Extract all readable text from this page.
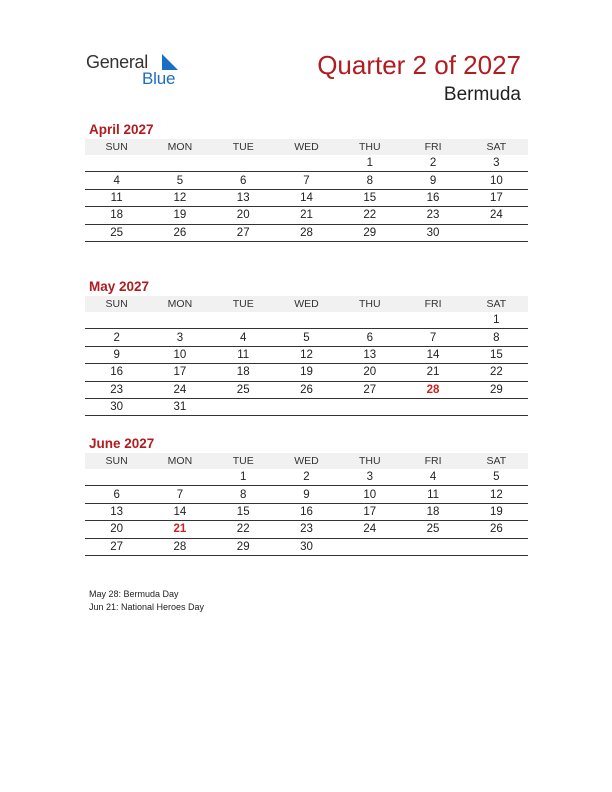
General
Blue	Quarter 2 of 2027
Bermuda
April 2027
SUN	MON	TUE	WED	THU	FRI	SAT
				1	2	3
4	5	6	7	8	9	10
11	12	13	14	15	16	17
18	19	20	21	22	23	24
25	26	27	28	29	30	
May 2027
SUN	MON	TUE	WED	THU	FRI	SAT
						1
2	3	4	5	6	7	8
9	10	11	12	13	14	15
16	17	18	19	20	21	22
23	24	25	26	27	28	29
30	31					
June 2027
SUN	MON	TUE	WED	THU	FRI	SAT
		1	2	3	4	5
6	7	8	9	10	11	12
13	14	15	16	17	18	19
20	21	22	23	24	25	26
27	28	29	30			
May 28: Bermuda Day
Jun 21: National Heroes Day
